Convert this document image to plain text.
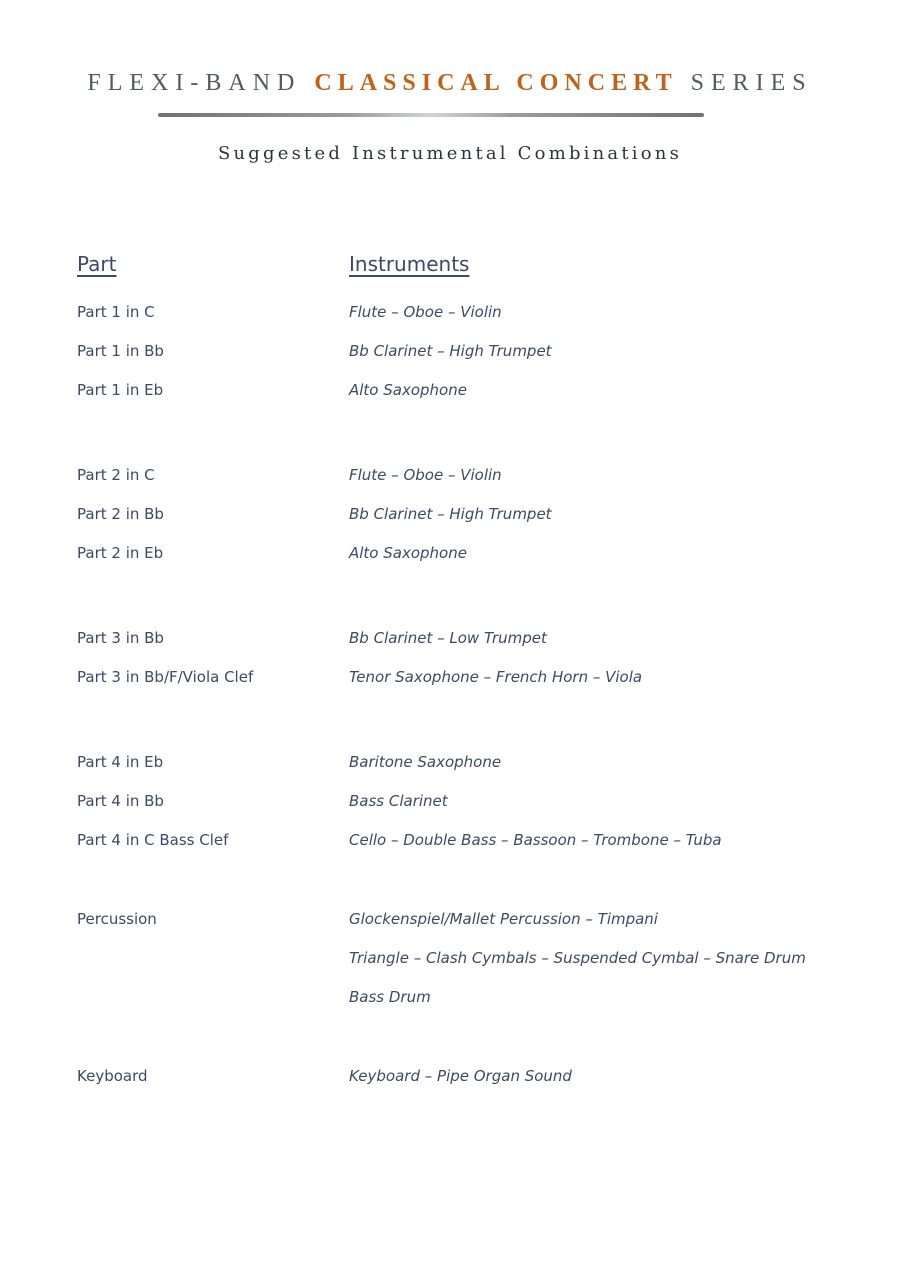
FLEXI-BAND CLASSICAL CONCERT SERIES
Suggested Instrumental Combinations
Part	Instruments
Part 1 in C	Flute – Oboe – Violin
Part 1 in Bb	Bb Clarinet – High Trumpet
Part 1 in Eb	Alto Saxophone
Part 2 in C	Flute – Oboe – Violin
Part 2 in Bb	Bb Clarinet – High Trumpet
Part 2 in Eb	Alto Saxophone
Part 3 in Bb	Bb Clarinet – Low Trumpet
Part 3 in Bb/F/Viola Clef	Tenor Saxophone – French Horn – Viola
Part 4 in Eb	Baritone Saxophone
Part 4 in Bb	Bass Clarinet
Part 4 in C Bass Clef	Cello – Double Bass – Bassoon – Trombone – Tuba
Percussion	Glockenspiel/Mallet Percussion – Timpani
Triangle – Clash Cymbals – Suspended Cymbal – Snare Drum
Bass Drum
Keyboard	Keyboard – Pipe Organ Sound
